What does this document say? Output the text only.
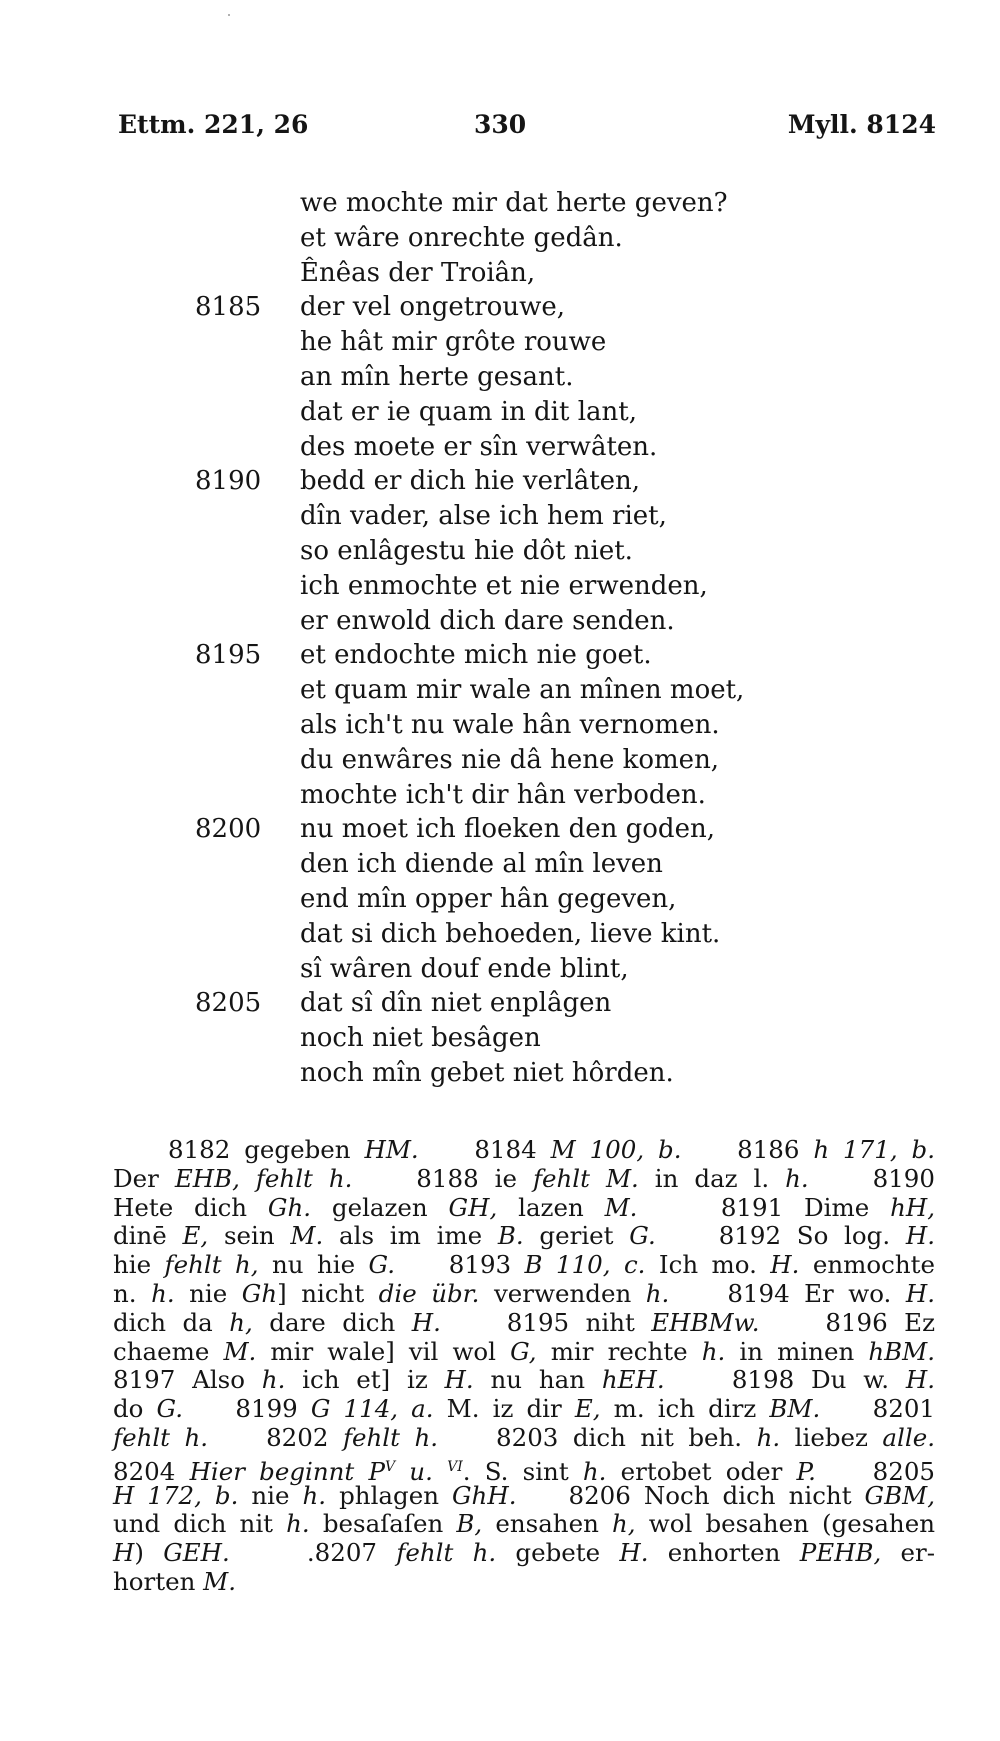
Ettm. 221, 26	330	Myll. 8124
we mochte mir dat herte geven?
et wâre onrechte gedân.
Ênêas der Troiân,
8185	der vel ongetrouwe,
he hât mir grôte rouwe
an mîn herte gesant.
dat er ie quam in dit lant,
des moete er sîn verwâten.
8190	bedd er dich hie verlâten,
dîn vader, alse ich hem riet,
so enlâgestu hie dôt niet.
ich enmochte et nie erwenden,
er enwold dich dare senden.
8195	et endochte mich nie goet.
et quam mir wale an mînen moet,
als ich't nu wale hân vernomen.
du enwâres nie dâ hene komen,
mochte ich't dir hân verboden.
8200	nu moet ich floeken den goden,
den ich diende al mîn leven
end mîn opper hân gegeven,
dat si dich behoeden, lieve kint.
sî wâren douf ende blint,
8205	dat sî dîn niet enplâgen
noch niet besâgen
noch mîn gebet niet hôrden.
8182 gegeben HM.    8184 M 100, b.    8186 h 171, b.
Der EHB, fehlt h.    8188 ie fehlt M. in daz l. h.    8190
Hete dich Gh. gelazen GH, lazen M.    8191 Dime hH,
dinē E, sein M. als im ime B. geriet G.    8192 So log. H.
hie fehlt h, nu hie G.    8193 B 110, c. Ich mo. H. enmochte
n. h. nie Gh] nicht die übr. verwenden h.    8194 Er wo. H.
dich da h, dare dich H.    8195 niht EHBMw.    8196 Ez
chaeme M. mir wale] vil wol G, mir rechte h. in minen hBM.
8197 Also h. ich et] iz H. nu han hEH.    8198 Du w. H.
do G.    8199 G 114, a. M. iz dir E, m. ich dirz BM.    8201
fehlt h.    8202 fehlt h.    8203 dich nit beh. h. liebez alle.
8204 Hier beginnt $P^V$ u. $^{VI}$. S. sint h. ertobet oder P.    8205
H 172, b. nie h. phlagen GhH.    8206 Noch dich nicht GBM,
und dich nit h. besaſaſen B, ensahen h, wol besahen (gesahen
H) GEH.    .8207 fehlt h. gebete H. enhorten PEHB, er-
horten M.
